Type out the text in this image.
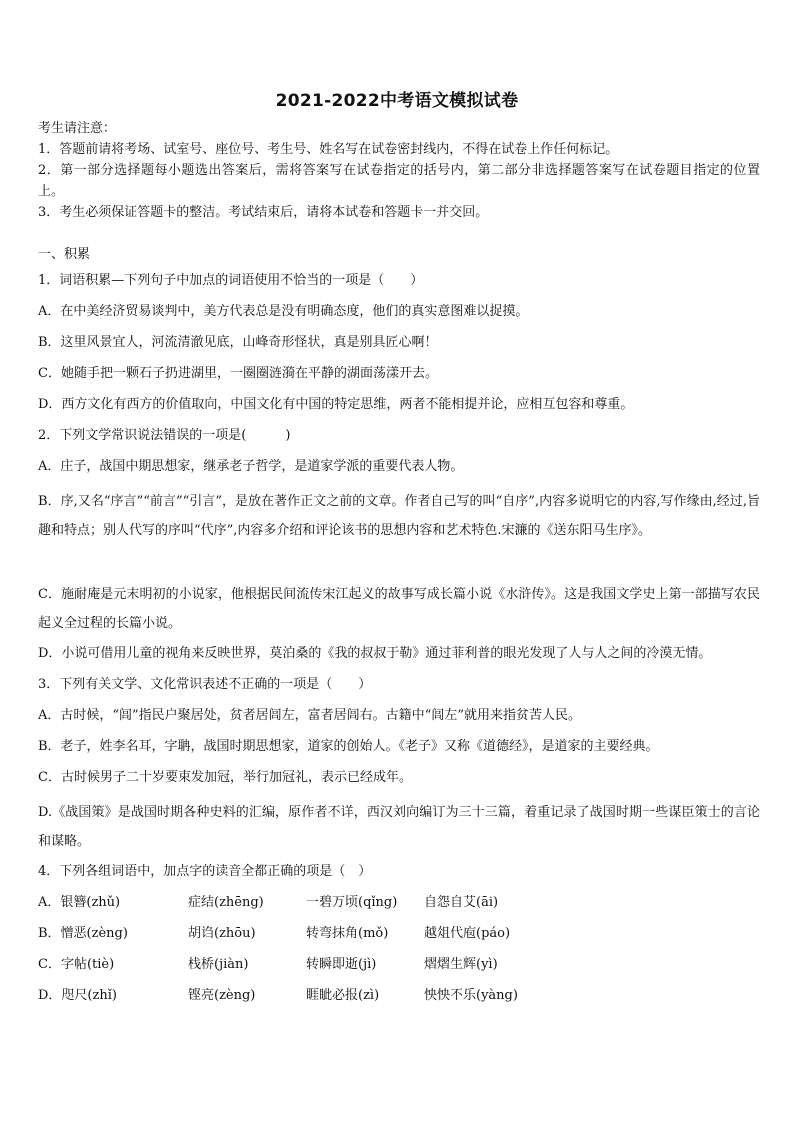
2021-2022中考语文模拟试卷
考生请注意：
1．答题前请将考场、试室号、座位号、考生号、姓名写在试卷密封线内，不得在试卷上作任何标记。
2．第一部分选择题每小题选出答案后，需将答案写在试卷指定的括号内，第二部分非选择题答案写在试卷题目指定的位置上。
3．考生必须保证答题卡的整洁。考试结束后，请将本试卷和答题卡一并交回。
一、积累
1．词语积累—下列句子中加点的词语使用不恰当的一项是（　　）
A．在中美经济贸易谈判中，美方代表总是没有明确态度，他们的真实意图难以捉摸。
B．这里风景宜人，河流清澈见底，山峰奇形怪状，真是别具匠心啊！
C．她随手把一颗石子扔进湖里，一圈圈涟漪在平静的湖面荡漾开去。
D．西方文化有西方的价值取向，中国文化有中国的特定思维，两者不能相提并论，应相互包容和尊重。
2．下列文学常识说法错误的一项是(　　　)
A．庄子，战国中期思想家，继承老子哲学，是道家学派的重要代表人物。
B．序,又名“序言”“前言”“引言”，是放在著作正文之前的文章。作者自己写的叫“自序”,内容多说明它的内容,写作缘由,经过,旨趣和特点；别人代写的序叫“代序”,内容多介绍和评论该书的思想内容和艺术特色.宋濂的《送东阳马生序》。
C．施耐庵是元末明初的小说家，他根据民间流传宋江起义的故事写成长篇小说《水浒传》。这是我国文学史上第一部描写农民起义全过程的长篇小说。
D．小说可借用儿童的视角来反映世界，莫泊桑的《我的叔叔于勒》通过菲利普的眼光发现了人与人之间的冷漠无情。
3．下列有关文学、文化常识表述不正确的一项是（　　）
A．古时候，“闾”指民户聚居处，贫者居闾左，富者居闾右。古籍中“闾左”就用来指贫苦人民。
B．老子，姓李名耳，字聃，战国时期思想家，道家的创始人。《老子》又称《道德经》，是道家的主要经典。
C．古时候男子二十岁要束发加冠，举行加冠礼，表示已经成年。
D.《战国策》是战国时期各种史料的汇编，原作者不详，西汉刘向编订为三十三篇，着重记录了战国时期一些谋臣策士的言论和谋略。
4．下列各组词语中，加点字的读音全都正确的项是（　）
A．银簪(zhǔ)	症结(zhēng)	一碧万顷(qǐng) 自怨自艾(āi)
B．憎恶(zèng)	胡诌(zhōu)	转弯抹角(mǒ)	越俎代庖(páo)
C．字帖(tiè)	栈桥(jiàn)	转瞬即逝(jì)	熠熠生辉(yì)
D．咫尺(zhǐ)	铿亮(zèng)	睚眦必报(zì)	怏怏不乐(yàng)
